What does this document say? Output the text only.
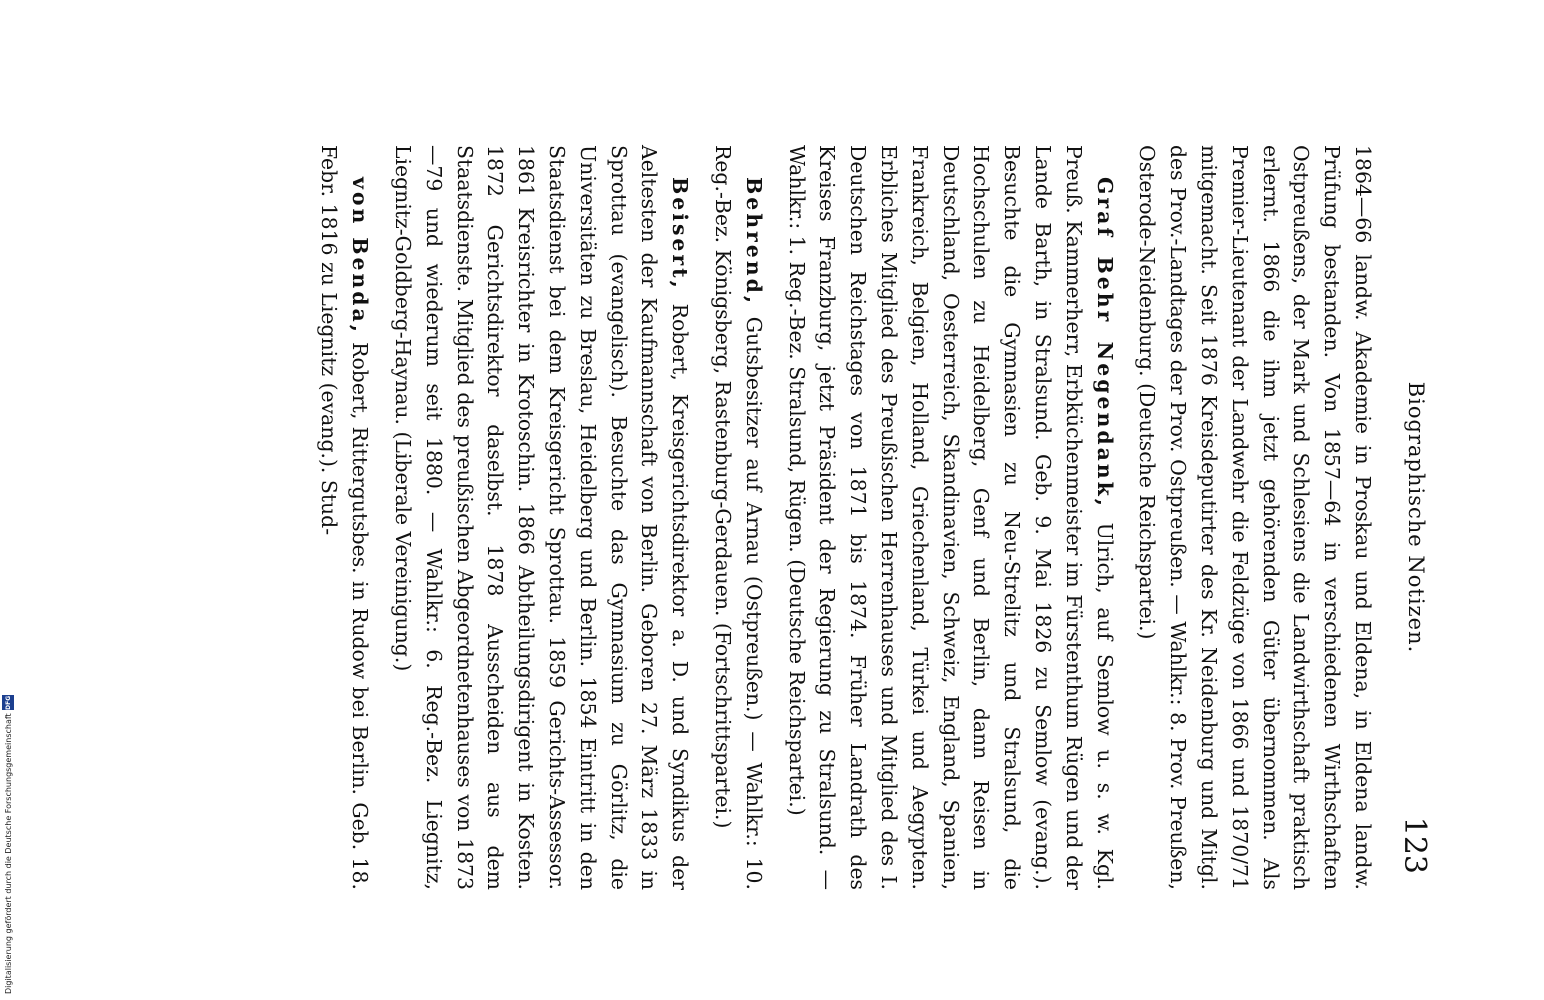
Biographische Notizen.
123

1864—66 landw. Akademie in Proskau und Eldena, in Eldena landw. Prüfung bestanden. Von 1857—64 in verschiedenen Wirthschaften Ostpreußens, der Mark und Schlesiens die Landwirthschaft praktisch erlernt. 1866 die ihm jetzt gehörenden Güter übernommen. Als Premier-Lieutenant der Landwehr die Feldzüge von 1866 und 1870/71 mitgemacht. Seit 1876 Kreisdeputirter des Kr. Neidenburg und Mitgl. des Prov.-Landtages der Prov. Ostpreußen. — Wahlkr.: 8. Prov. Preußen, Osterode-Neidenburg. (Deutsche Reichspartei.)

Graf Behr Negendank, Ulrich, auf Semlow u. s. w. Kgl. Preuß. Kammerherr, Erbküchenmeister im Fürstenthum Rügen und der Lande Barth, in Stralsund. Geb. 9. Mai 1826 zu Semlow (evang.). Besuchte die Gymnasien zu Neu-Strelitz und Stralsund, die Hochschulen zu Heidelberg, Genf und Berlin, dann Reisen in Deutschland, Oesterreich, Skandinavien, Schweiz, England, Spanien, Frankreich, Belgien, Holland, Griechenland, Türkei und Aegypten. Erbliches Mitglied des Preußischen Herrenhauses und Mitglied des I. Deutschen Reichstages von 1871 bis 1874. Früher Landrath des Kreises Franzburg, jetzt Präsident der Regierung zu Stralsund. — Wahlkr.: 1. Reg.-Bez. Stralsund, Rügen. (Deutsche Reichspartei.)

Behrend, Gutsbesitzer auf Arnau (Ostpreußen.) — Wahlkr.: 10. Reg.-Bez. Königsberg, Rastenburg-Gerdauen. (Fortschrittspartei.)

Beisert, Robert, Kreisgerichtsdirektor a. D. und Syndikus der Aeltesten der Kaufmannschaft von Berlin. Geboren 27. März 1833 in Sprottau (evangelisch). Besuchte das Gymnasium zu Görlitz, die Universitäten zu Breslau, Heidelberg und Berlin. 1854 Eintritt in den Staatsdienst bei dem Kreisgericht Sprottau. 1859 Gerichts-Assessor. 1861 Kreisrichter in Krotoschin. 1866 Abtheilungsdirigent in Kosten. 1872 Gerichtsdirektor daselbst. 1878 Ausscheiden aus dem Staatsdienste. Mitglied des preußischen Abgeordnetenhauses von 1873—79 und wiederum seit 1880. — Wahlkr.: 6. Reg.-Bez. Liegnitz, Liegnitz-Goldberg-Haynau. (Liberale Vereinigung.)

von Benda, Robert, Rittergutsbes. in Rudow bei Berlin. Geb. 18. Febr. 1816 zu Liegnitz (evang.). Stud-

Digitalisierung gefördert durch die Deutsche Forschungsgemeinschaft
DFG
